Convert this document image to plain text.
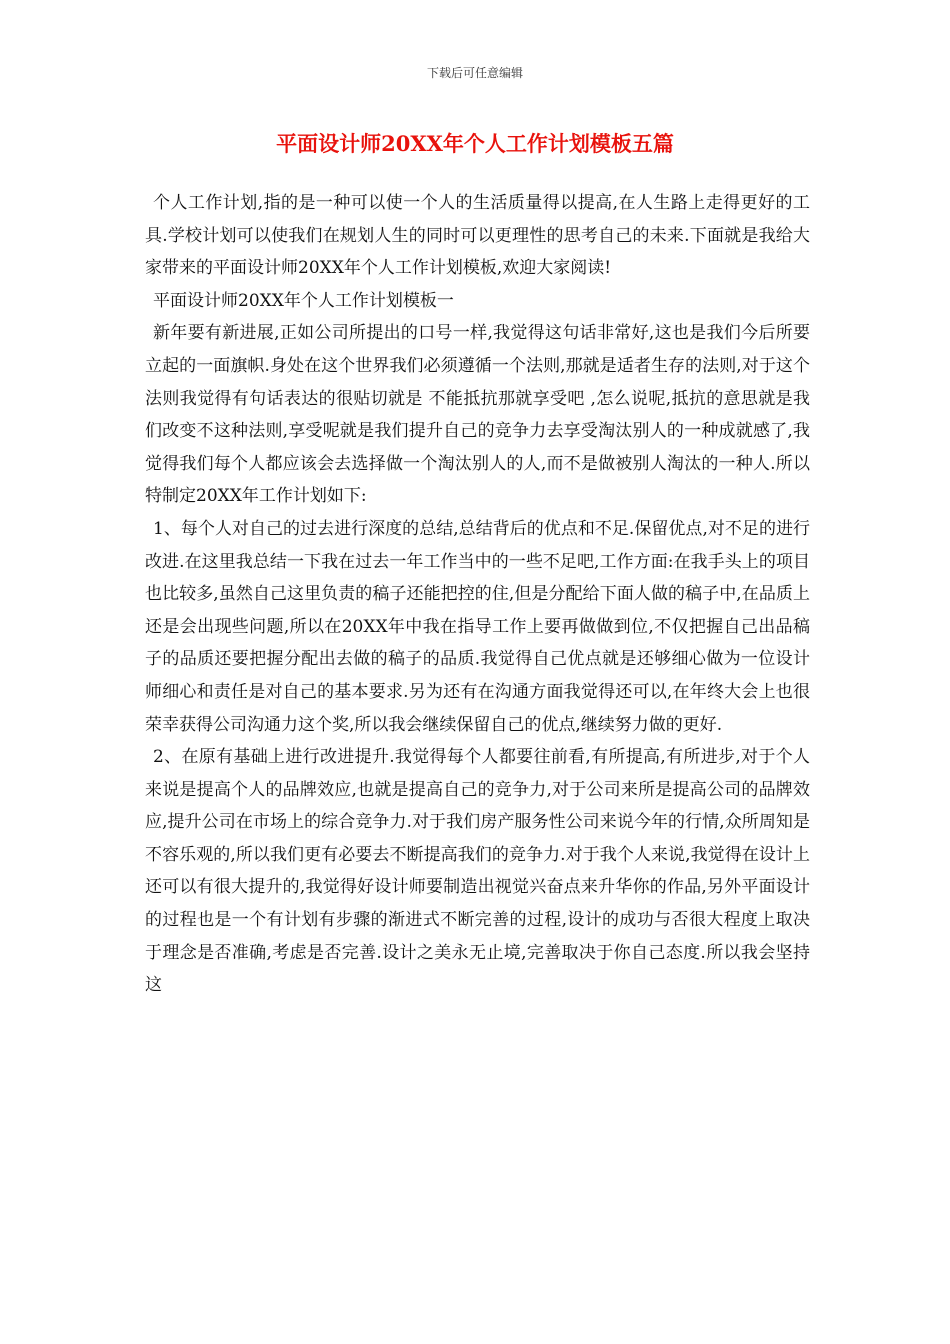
下载后可任意编辑
平面设计师20XX年个人工作计划模板五篇

个人工作计划,指的是一种可以使一个人的生活质量得以提高,在人生路上走得更好的工具.学校计划可以使我们在规划人生的同时可以更理性的思考自己的未来.下面就是我给大家带来的平面设计师20XX年个人工作计划模板,欢迎大家阅读!

平面设计师20XX年个人工作计划模板一

新年要有新进展,正如公司所提出的口号一样,我觉得这句话非常好,这也是我们今后所要立起的一面旗帜.身处在这个世界我们必须遵循一个法则,那就是适者生存的法则,对于这个法则我觉得有句话表达的很贴切就是 不能抵抗那就享受吧 ,怎么说呢,抵抗的意思就是我们改变不这种法则,享受呢就是我们提升自己的竞争力去享受淘汰别人的一种成就感了,我觉得我们每个人都应该会去选择做一个淘汰别人的人,而不是做被别人淘汰的一种人.所以特制定20XX年工作计划如下:

1、每个人对自己的过去进行深度的总结,总结背后的优点和不足.保留优点,对不足的进行改进.在这里我总结一下我在过去一年工作当中的一些不足吧,工作方面:在我手头上的项目也比较多,虽然自己这里负责的稿子还能把控的住,但是分配给下面人做的稿子中,在品质上还是会出现些问题,所以在20XX年中我在指导工作上要再做做到位,不仅把握自己出品稿子的品质还要把握分配出去做的稿子的品质.我觉得自己优点就是还够细心做为一位设计师细心和责任是对自己的基本要求.另为还有在沟通方面我觉得还可以,在年终大会上也很荣幸获得公司沟通力这个奖,所以我会继续保留自己的优点,继续努力做的更好.

2、在原有基础上进行改进提升.我觉得每个人都要往前看,有所提高,有所进步,对于个人来说是提高个人的品牌效应,也就是提高自己的竞争力,对于公司来所是提高公司的品牌效应,提升公司在市场上的综合竞争力.对于我们房产服务性公司来说今年的行情,众所周知是不容乐观的,所以我们更有必要去不断提高我们的竞争力.对于我个人来说,我觉得在设计上还可以有很大提升的,我觉得好设计师要制造出视觉兴奋点来升华你的作品,另外平面设计的过程也是一个有计划有步骤的渐进式不断完善的过程,设计的成功与否很大程度上取决于理念是否准确,考虑是否完善.设计之美永无止境,完善取决于你自己态度.所以我会坚持这
